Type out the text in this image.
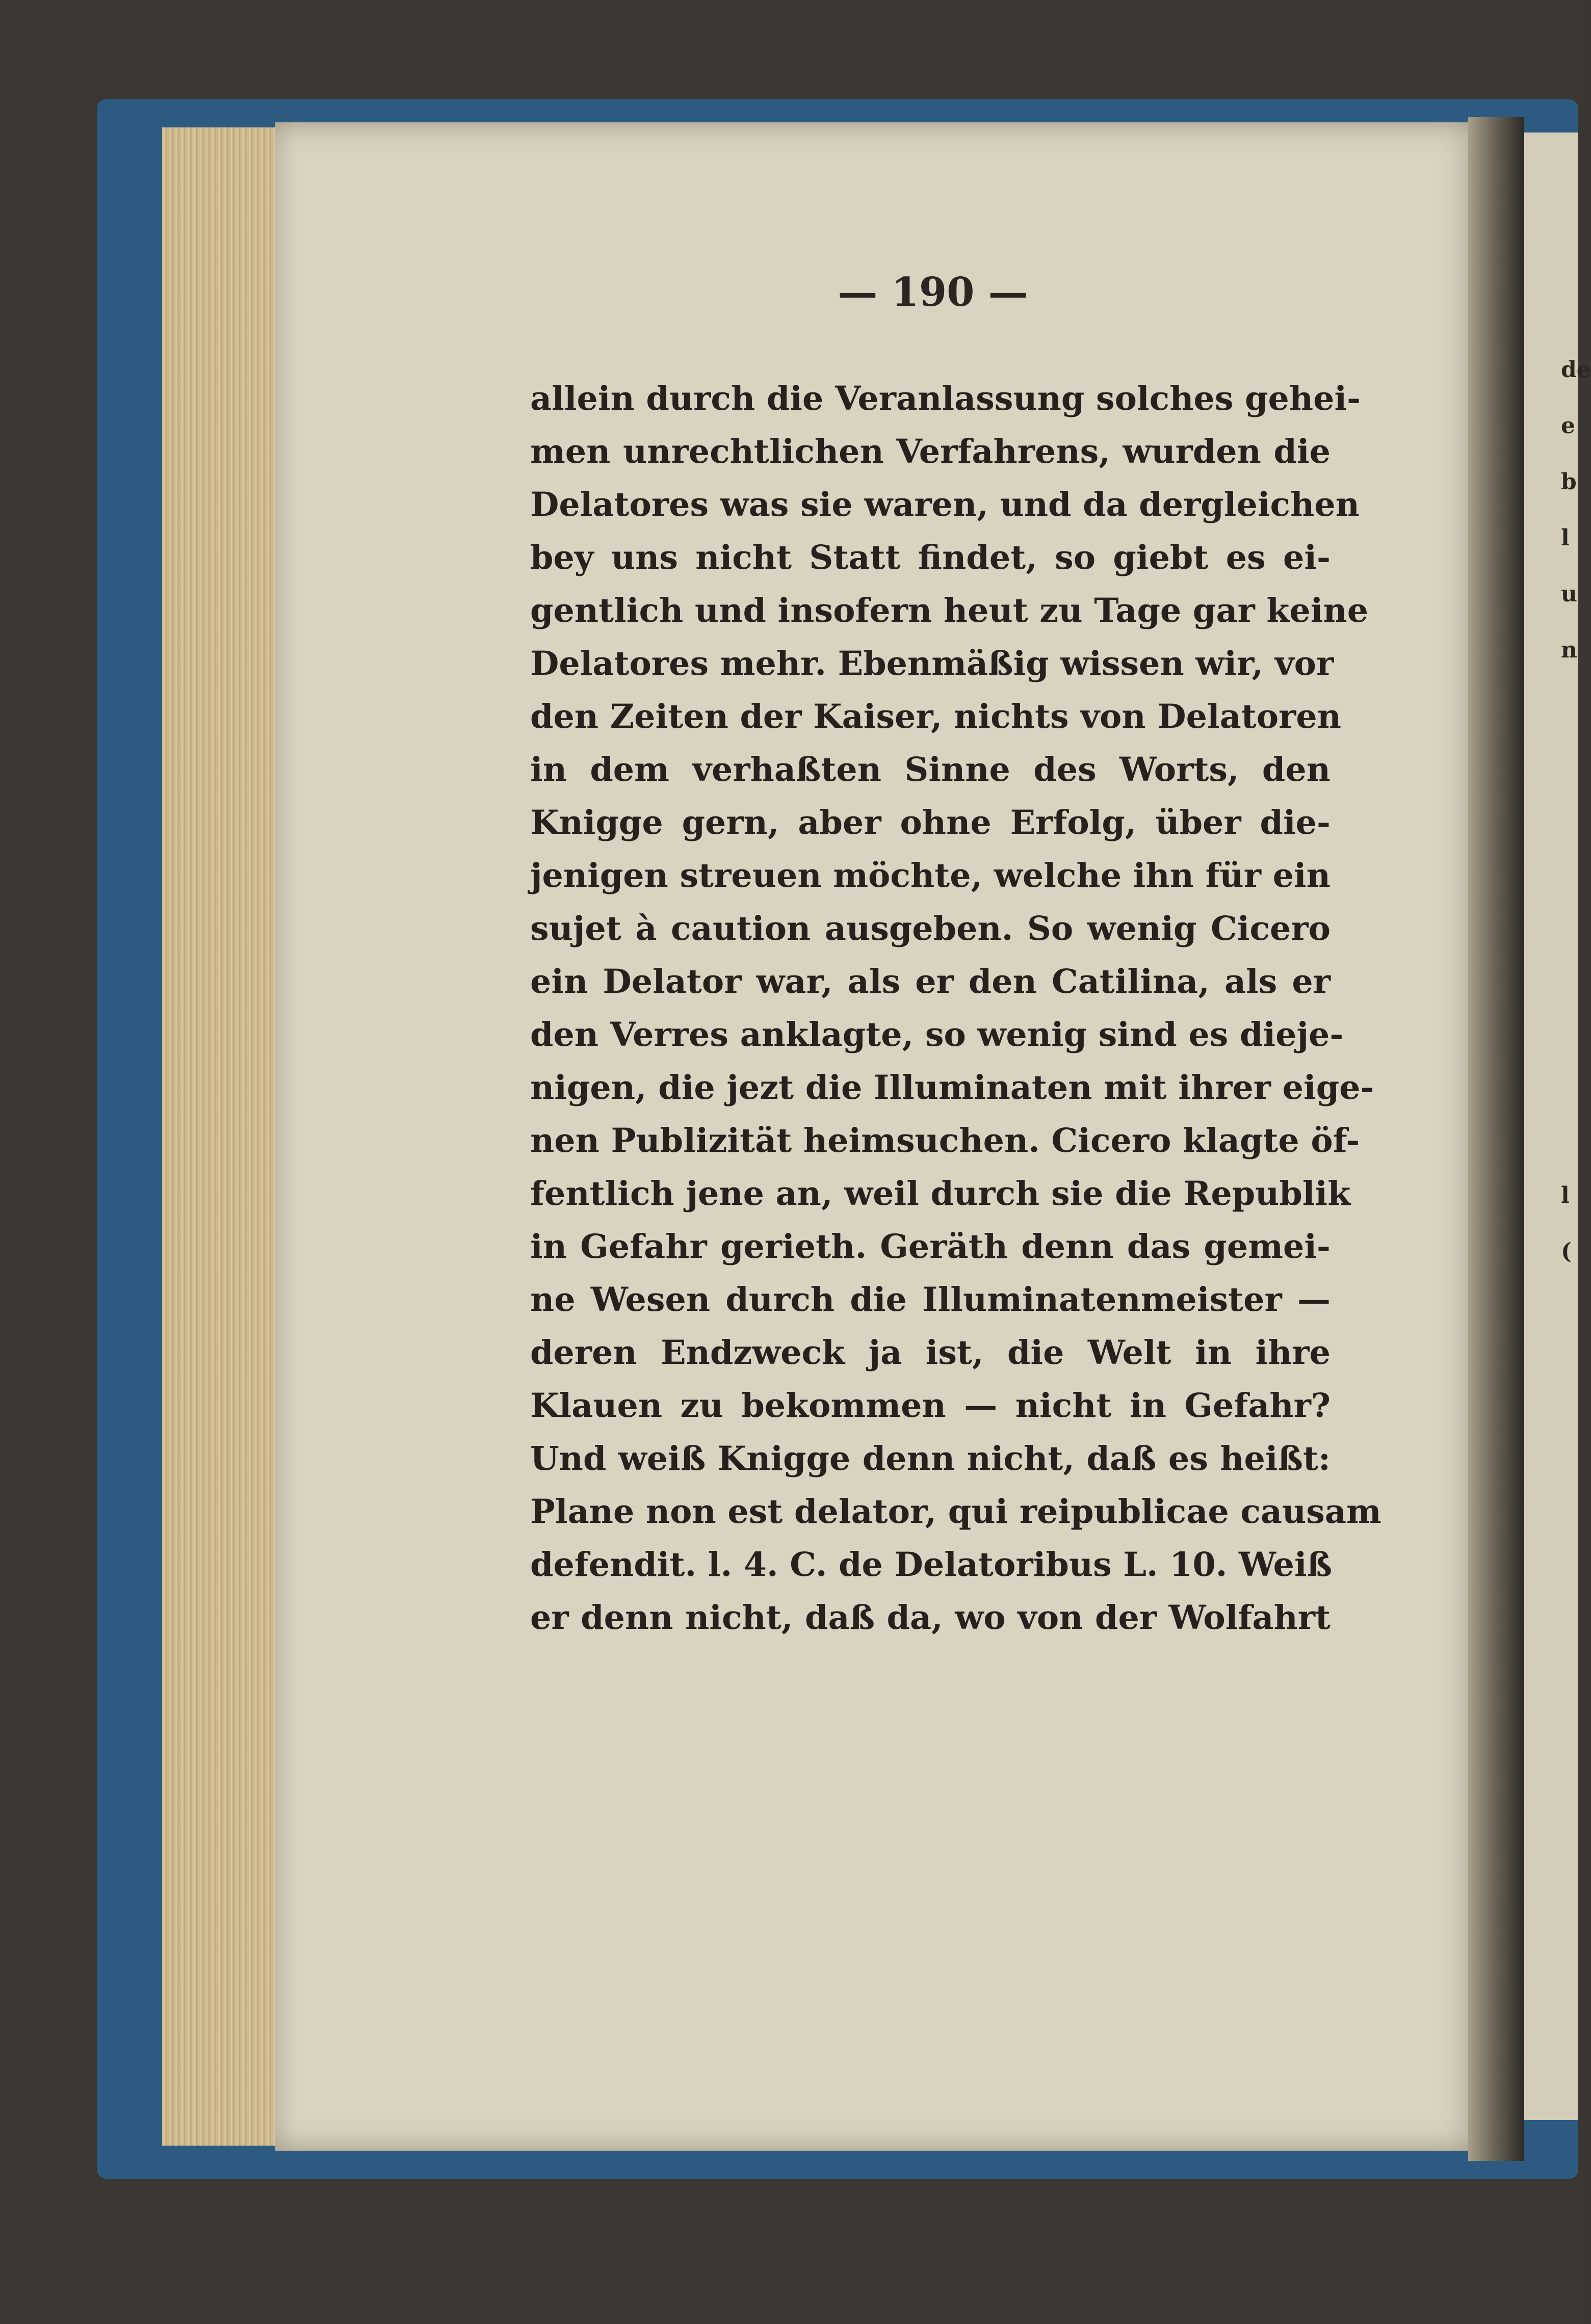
de
e
b
l
u
n
l
(
— 190 —
allein durch die Veranlassung solches gehei-
men unrechtlichen Verfahrens, wurden die
Delatores was sie waren, und da dergleichen
bey uns nicht Statt findet, so giebt es ei-
gentlich und insofern heut zu Tage gar keine
Delatores mehr. Ebenmäßig wissen wir, vor
den Zeiten der Kaiser, nichts von Delatoren
in dem verhaßten Sinne des Worts, den
Knigge gern, aber ohne Erfolg, über die-
jenigen streuen möchte, welche ihn für ein
sujet à caution ausgeben. So wenig Cicero
ein Delator war, als er den Catilina, als er
den Verres anklagte, so wenig sind es dieje-
nigen, die jezt die Illuminaten mit ihrer eige-
nen Publizität heimsuchen. Cicero klagte öf-
fentlich jene an, weil durch sie die Republik
in Gefahr gerieth. Geräth denn das gemei-
ne Wesen durch die Illuminatenmeister —
deren Endzweck ja ist, die Welt in ihre
Klauen zu bekommen — nicht in Gefahr?
Und weiß Knigge denn nicht, daß es heißt:
Plane non est delator, qui reipublicae causam
defendit. l. 4. C. de Delatoribus L. 10. Weiß
er denn nicht, daß da, wo von der Wolfahrt
